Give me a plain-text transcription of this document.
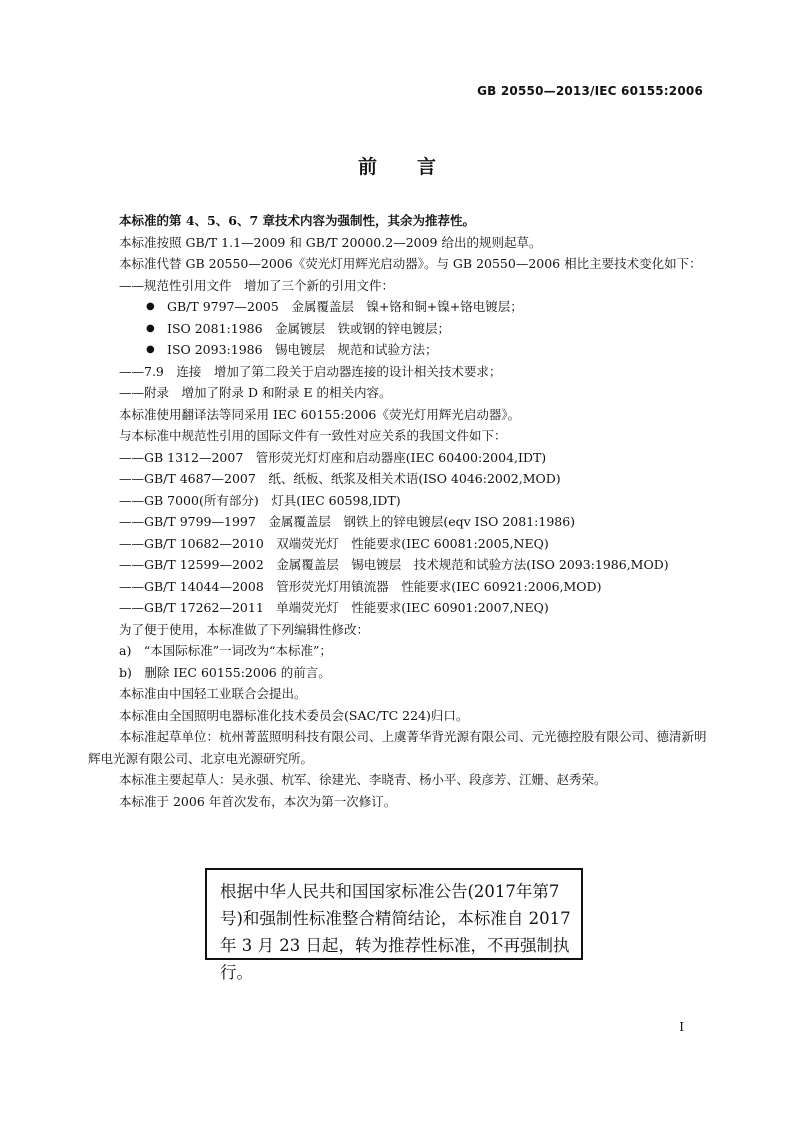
GB 20550—2013/IEC 60155:2006
前言

本标准的第 4、5、6、7 章技术内容为强制性，其余为推荐性。

本标准按照 GB/T 1.1—2009 和 GB/T 20000.2—2009 给出的规则起草。

本标准代替 GB 20550—2006《荧光灯用辉光启动器》。与 GB 20550—2006 相比主要技术变化如下：

——规范性引用文件　增加了三个新的引用文件：

● GB/T 9797—2005　金属覆盖层　镍+铬和铜+镍+铬电镀层；

● ISO 2081:1986　金属镀层　铁或钢的锌电镀层；

● ISO 2093:1986　锡电镀层　规范和试验方法；

——7.9　连接　增加了第二段关于启动器连接的设计相关技术要求；

——附录　增加了附录 D 和附录 E 的相关内容。

本标准使用翻译法等同采用 IEC 60155:2006《荧光灯用辉光启动器》。

与本标准中规范性引用的国际文件有一致性对应关系的我国文件如下：

——GB 1312—2007　管形荧光灯灯座和启动器座(IEC 60400:2004,IDT)

——GB/T 4687—2007　纸、纸板、纸浆及相关术语(ISO 4046:2002,MOD)

——GB 7000(所有部分)　灯具(IEC 60598,IDT)

——GB/T 9799—1997　金属覆盖层　钢铁上的锌电镀层(eqv ISO 2081:1986)

——GB/T 10682—2010　双端荧光灯　性能要求(IEC 60081:2005,NEQ)

——GB/T 12599—2002　金属覆盖层　锡电镀层　技术规范和试验方法(ISO 2093:1986,MOD)

——GB/T 14044—2008　管形荧光灯用镇流器　性能要求(IEC 60921:2006,MOD)

——GB/T 17262—2011　单端荧光灯　性能要求(IEC 60901:2007,NEQ)

为了便于使用，本标准做了下列编辑性修改：

a)　“本国际标准”一词改为“本标准”；

b)　删除 IEC 60155:2006 的前言。

本标准由中国轻工业联合会提出。

本标准由全国照明电器标准化技术委员会(SAC/TC 224)归口。

本标准起草单位：杭州菁蓝照明科技有限公司、上虞菁华背光源有限公司、元光德控股有限公司、德清新明辉电光源有限公司、北京电光源研究所。

本标准主要起草人：吴永强、杭军、徐建光、李晓青、杨小平、段彦芳、江姗、赵秀荣。

本标准于 2006 年首次发布，本次为第一次修订。

根据中华人民共和国国家标准公告(2017年第7号)和强制性标准整合精简结论，本标准自 2017 年 3 月 23 日起，转为推荐性标准，不再强制执行。
I
